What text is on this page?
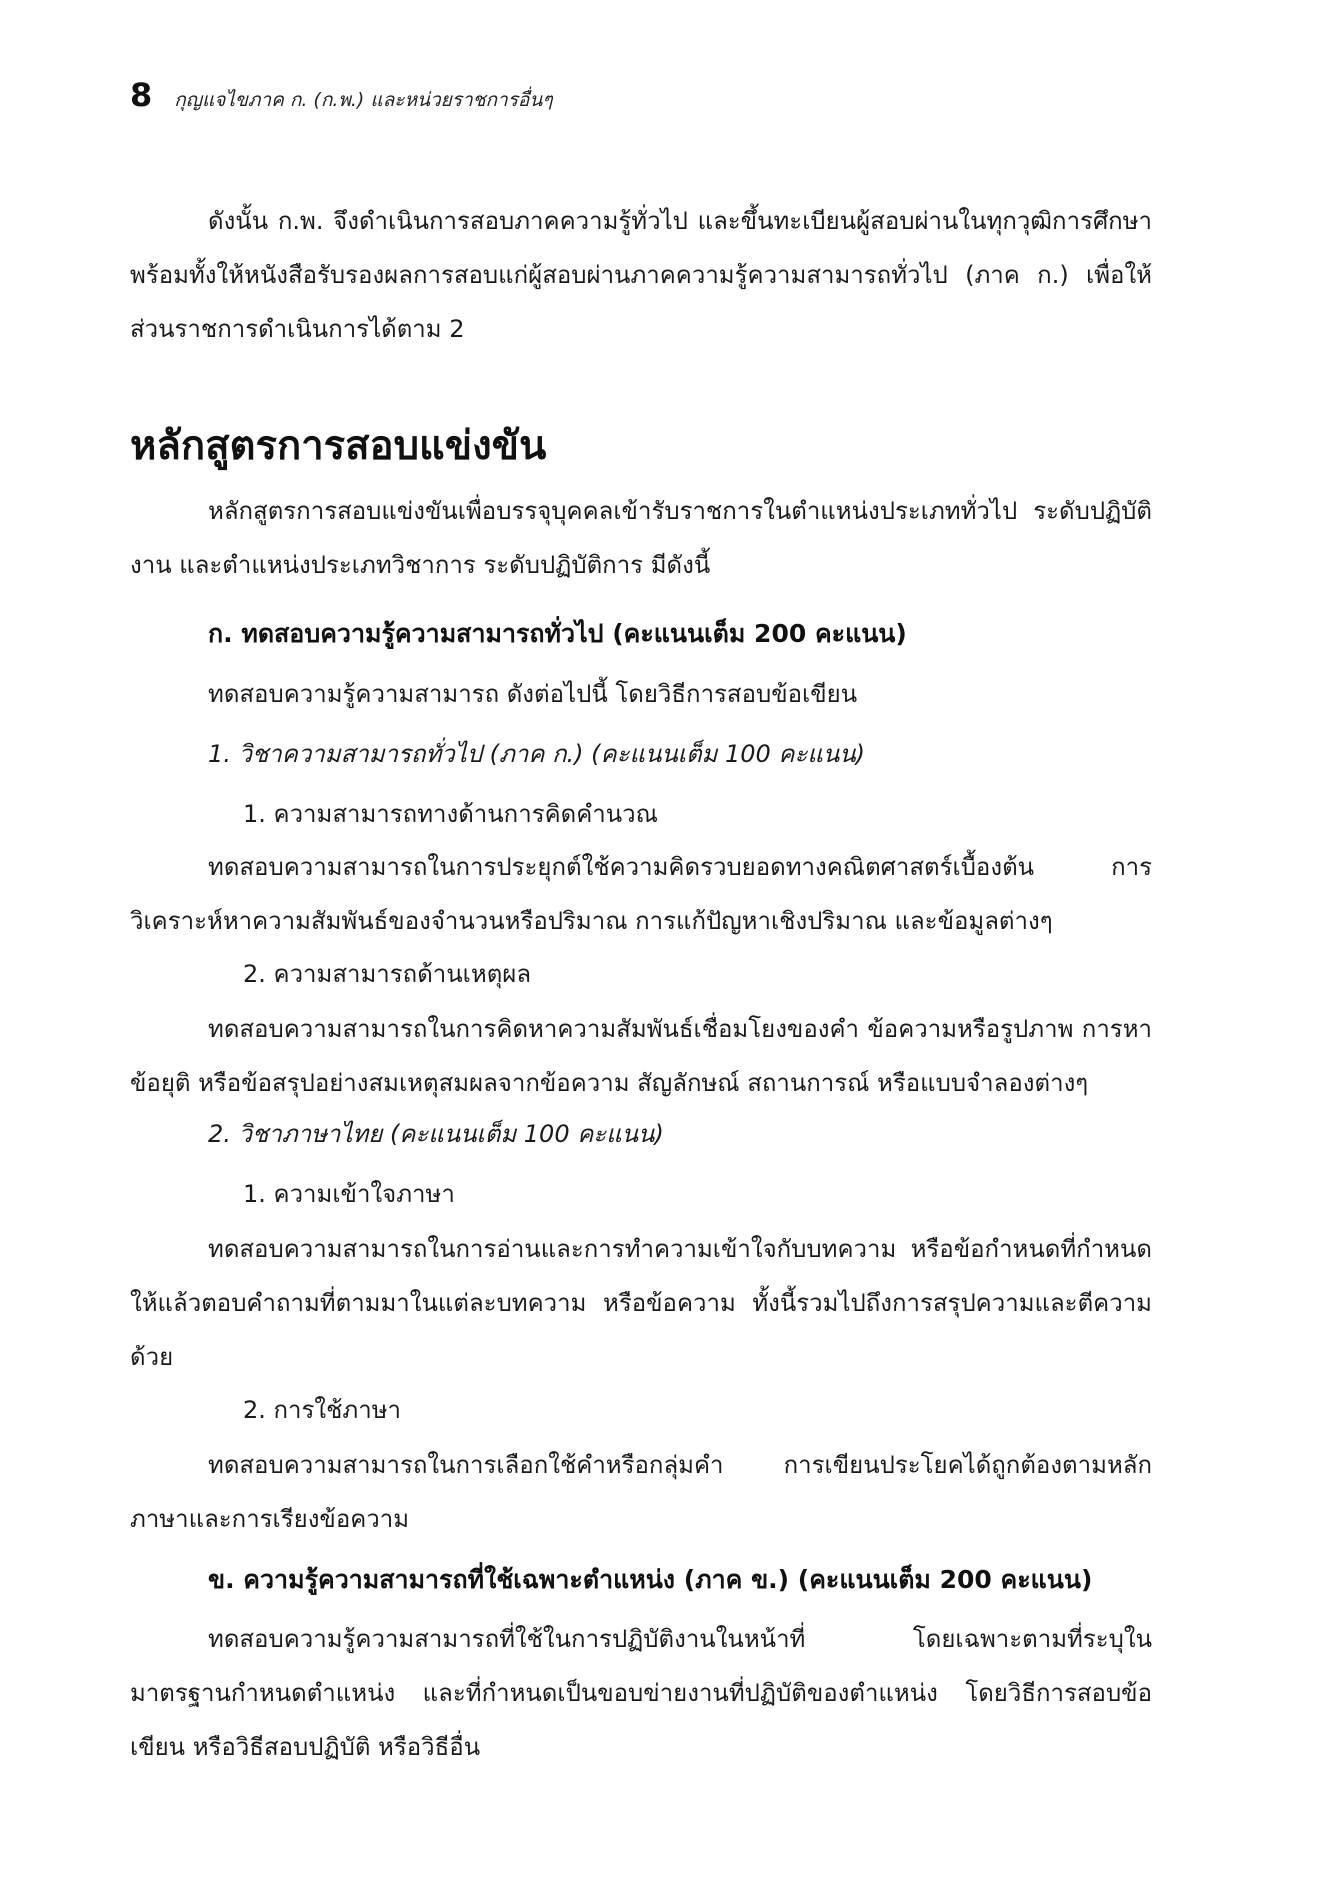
8 กุญแจไขภาค ก. (ก.พ.) และหน่วยราชการอื่นๆ

ดังนั้น ก.พ. จึงดำเนินการสอบภาคความรู้ทั่วไป และขึ้นทะเบียนผู้สอบผ่านในทุกวุฒิการศึกษาพร้อมทั้งให้หนังสือรับรองผลการสอบแก่ผู้สอบผ่านภาคความรู้ความสามารถทั่วไป (ภาค ก.) เพื่อให้ส่วนราชการดำเนินการได้ตาม 2

หลักสูตรการสอบแข่งขัน

หลักสูตรการสอบแข่งขันเพื่อบรรจุบุคคลเข้ารับราชการในตำแหน่งประเภททั่วไป ระดับปฏิบัติงาน และตำแหน่งประเภทวิชาการ ระดับปฏิบัติการ มีดังนี้

ก. ทดสอบความรู้ความสามารถทั่วไป (คะแนนเต็ม 200 คะแนน)

ทดสอบความรู้ความสามารถ ดังต่อไปนี้ โดยวิธีการสอบข้อเขียน

1. วิชาความสามารถทั่วไป (ภาค ก.) (คะแนนเต็ม 100 คะแนน)

1. ความสามารถทางด้านการคิดคำนวณ

ทดสอบความสามารถในการประยุกต์ใช้ความคิดรวบยอดทางคณิตศาสตร์เบื้องต้น การวิเคราะห์หาความสัมพันธ์ของจำนวนหรือปริมาณ การแก้ปัญหาเชิงปริมาณ และข้อมูลต่างๆ

2. ความสามารถด้านเหตุผล

ทดสอบความสามารถในการคิดหาความสัมพันธ์เชื่อมโยงของคำ ข้อความหรือรูปภาพ การหาข้อยุติ หรือข้อสรุปอย่างสมเหตุสมผลจากข้อความ สัญลักษณ์ สถานการณ์ หรือแบบจำลองต่างๆ

2. วิชาภาษาไทย (คะแนนเต็ม 100 คะแนน)

1. ความเข้าใจภาษา

ทดสอบความสามารถในการอ่านและการทำความเข้าใจกับบทความ หรือข้อกำหนดที่กำหนดให้แล้วตอบคำถามที่ตามมาในแต่ละบทความ หรือข้อความ ทั้งนี้รวมไปถึงการสรุปความและตีความด้วย

2. การใช้ภาษา

ทดสอบความสามารถในการเลือกใช้คำหรือกลุ่มคำ การเขียนประโยคได้ถูกต้องตามหลักภาษาและการเรียงข้อความ

ข. ความรู้ความสามารถที่ใช้เฉพาะตำแหน่ง (ภาค ข.) (คะแนนเต็ม 200 คะแนน)

ทดสอบความรู้ความสามารถที่ใช้ในการปฏิบัติงานในหน้าที่ โดยเฉพาะตามที่ระบุในมาตรฐานกำหนดตำแหน่ง และที่กำหนดเป็นขอบข่ายงานที่ปฏิบัติของตำแหน่ง โดยวิธีการสอบข้อเขียน หรือวิธีสอบปฏิบัติ หรือวิธีอื่น
